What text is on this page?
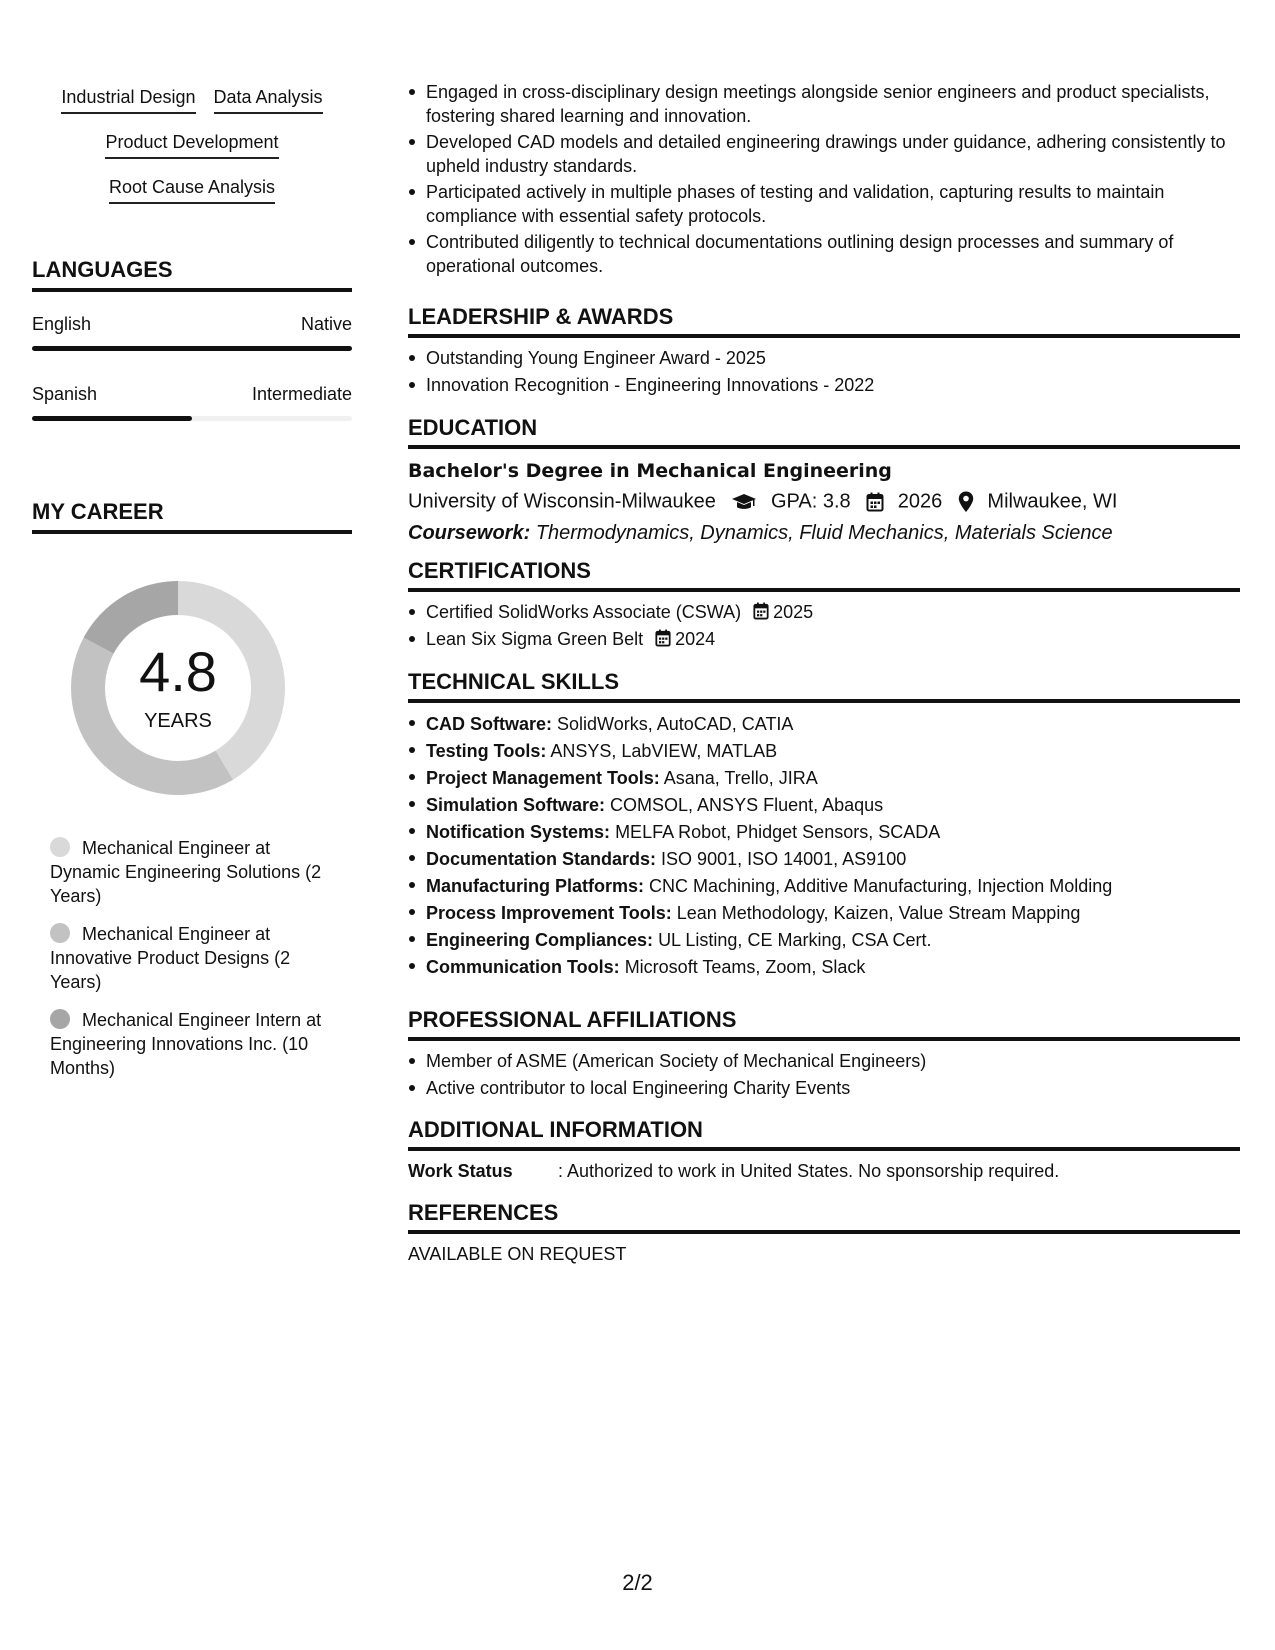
Industrial Design Data Analysis
Product Development
Root Cause Analysis
LANGUAGES
English	Native
Spanish	Intermediate
MY CAREER
4.8
YEARS
Mechanical Engineer at Dynamic Engineering Solutions (2 Years)
Mechanical Engineer at Innovative Product Designs (2 Years)
Mechanical Engineer Intern at Engineering Innovations Inc. (10 Months)
Engaged in cross-disciplinary design meetings alongside senior engineers and product specialists, fostering shared learning and innovation.
Developed CAD models and detailed engineering drawings under guidance, adhering consistently to upheld industry standards.
Participated actively in multiple phases of testing and validation, capturing results to maintain compliance with essential safety protocols.
Contributed diligently to technical documentations outlining design processes and summary of operational outcomes.
LEADERSHIP & AWARDS
Outstanding Young Engineer Award - 2025
Innovation Recognition - Engineering Innovations - 2022
EDUCATION
Bachelor's Degree in Mechanical Engineering
University of Wisconsin-Milwaukee	GPA: 3.8 2026 Milwaukee, WI
Coursework: Thermodynamics, Dynamics, Fluid Mechanics, Materials Science
CERTIFICATIONS
Certified SolidWorks Associate (CSWA) 2025
Lean Six Sigma Green Belt 2024
TECHNICAL SKILLS
CAD Software: SolidWorks, AutoCAD, CATIA
Testing Tools: ANSYS, LabVIEW, MATLAB
Project Management Tools: Asana, Trello, JIRA
Simulation Software: COMSOL, ANSYS Fluent, Abaqus
Notification Systems: MELFA Robot, Phidget Sensors, SCADA
Documentation Standards: ISO 9001, ISO 14001, AS9100
Manufacturing Platforms: CNC Machining, Additive Manufacturing, Injection Molding
Process Improvement Tools: Lean Methodology, Kaizen, Value Stream Mapping
Engineering Compliances: UL Listing, CE Marking, CSA Cert.
Communication Tools: Microsoft Teams, Zoom, Slack
PROFESSIONAL AFFILIATIONS
Member of ASME (American Society of Mechanical Engineers)
Active contributor to local Engineering Charity Events
ADDITIONAL INFORMATION
Work Status	: Authorized to work in United States. No sponsorship required.
REFERENCES
AVAILABLE ON REQUEST
2/2
